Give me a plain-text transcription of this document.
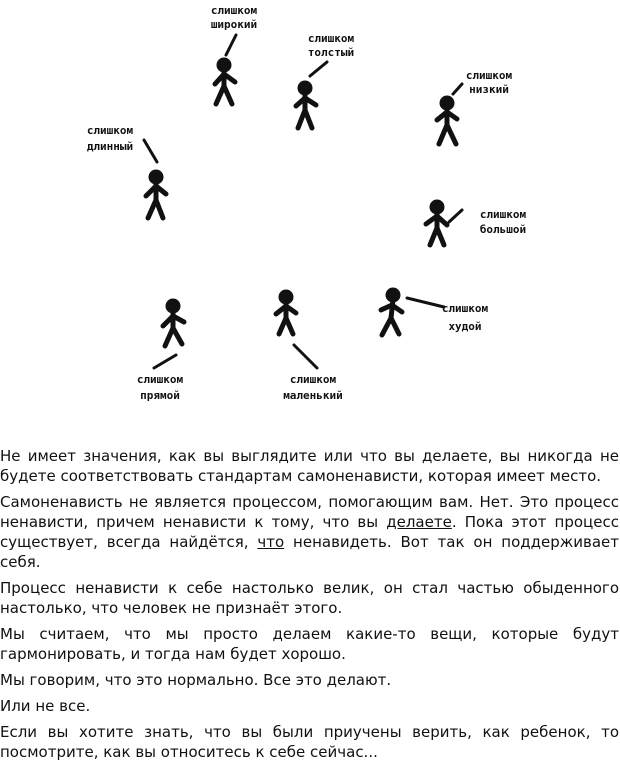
слишком
широкий
слишком
толстый
слишком
низкий
слишком
длинный
слишком
большой
слишком
худой
слишком
прямой
слишком
маленький

Не имеет значения, как вы выглядите или что вы делаете, вы никогда не будете соответствовать стандартам самоненависти, которая имеет место.

Самоненависть не является процессом, помогающим вам. Нет. Это процесс ненависти, причем ненависти к тому, что вы делаете. Пока этот процесс существует, всегда найдётся, что ненавидеть. Вот так он поддерживает себя.

Процесс ненависти к себе настолько велик, он стал частью обыденного настолько, что человек не признаёт этого.

Мы считаем, что мы просто делаем какие-то вещи, которые будут гармонировать, и тогда нам будет хорошо.

Мы говорим, что это нормально. Все это делают.

Или не все.

Если вы хотите знать, что вы были приучены верить, как ребенок, то посмотрите, как вы относитесь к себе сейчас...
